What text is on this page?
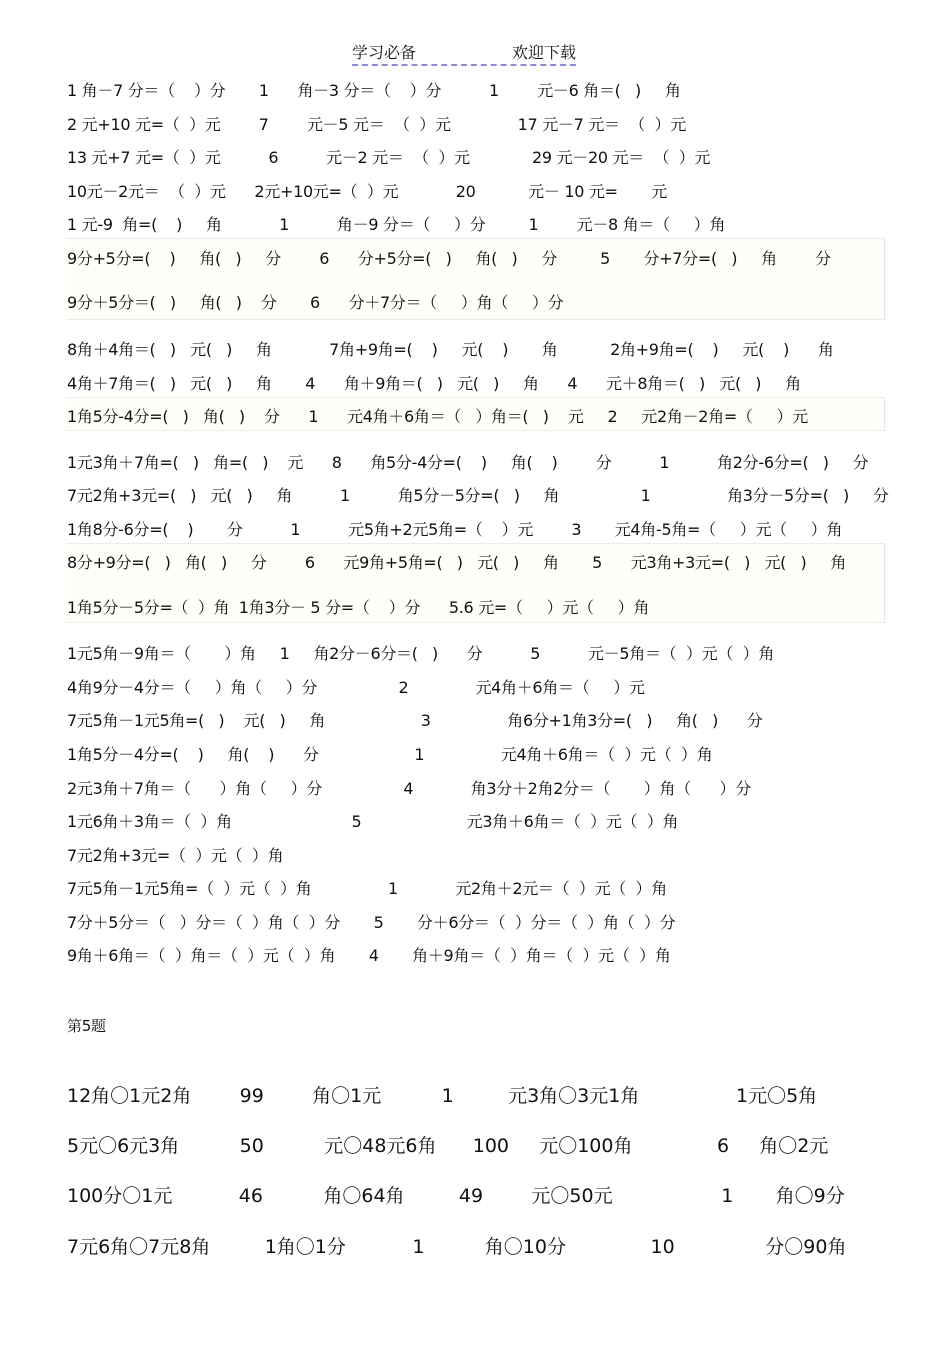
学习必备	欢迎下载
1 角－7 分＝（    ）分       1      角－3 分＝（    ）分          1        元－6 角＝(   )     角
2 元+10 元=（  ）元        7        元－5 元＝  （  ）元              17 元－7 元＝  （  ）元
13 元+7 元=（  ）元          6          元－2 元＝  （  ）元             29 元－20 元＝  （  ）元
10元－2元＝  （  ）元      2元+10元=（  ）元            20           元－ 10 元=       元
1 元-9  角=(    )     角            1          角－9 分＝（     ）分         1        元－8 角＝（     ）角
9分+5分=(    )     角(   )     分        6      分+5分=(   )     角(   )     分         5       分+7分=(   )     角        分
9分＋5分＝(   )     角(   )    分       6      分＋7分＝（     ）角（     ）分
8角＋4角＝(   )   元(   )     角            7角+9角=(    )     元(    )       角           2角+9角=(    )     元(    )      角
4角＋7角＝(   )   元(   )     角       4      角＋9角＝(   )   元(   )     角      4      元＋8角＝(   )   元(   )     角
1角5分-4分=(   )   角(   )    分      1      元4角＋6角＝（   ）角＝(   )    元     2     元2角－2角=（     ）元
1元3角＋7角=(   )   角=(   )    元      8      角5分-4分=(    )     角(    )        分          1          角2分-6分=(   )     分
7元2角+3元=(   )   元(   )     角          1          角5分－5分=(   )     角                 1                角3分－5分=(   )     分
1角8分-6分=(    )       分          1          元5角+2元5角=（    ）元        3       元4角-5角=（     ）元（     ）角
8分+9分=(   )   角(   )     分        6      元9角+5角=(   )   元(   )     角       5      元3角+3元=(   )   元(   )     角
1角5分－5分=（  ）角  1角3分－ 5 分=（    ）分      5.6 元=（     ）元（     ）角
1元5角－9角＝（       ）角     1     角2分－6分＝(   )      分          5          元－5角＝（  ）元（  ）角
4角9分－4分＝（     ）角（     ）分                 2              元4角＋6角＝（     ）元
7元5角－1元5角=(   )    元(   )     角                    3                角6分+1角3分=(   )     角(   )      分
1角5分－4分=(    )     角(    )      分                    1                元4角＋6角＝（  ）元（  ）角
2元3角＋7角＝（      ）角（     ）分                 4            角3分＋2角2分＝（       ）角（      ）分
1元6角＋3角＝（  ）角                         5                      元3角＋6角＝（  ）元（  ）角
7元2角+3元=（  ）元（  ）角
7元5角－1元5角=（  ）元（  ）角                1            元2角＋2元＝（  ）元（  ）角
7分＋5分＝（   ）分＝（  ）角（  ）分       5       分＋6分＝（  ）分＝（  ）角（  ）分
9角＋6角＝（  ）角＝（  ）元（  ）角       4       角＋9角＝（  ）角＝（  ）元（  ）角
第5题
12角〇1元2角        99        角〇1元          1         元3角〇3元1角                1元〇5角
5元〇6元3角          50          元〇48元6角      100     元〇100角              6     角〇2元
100分〇1元           46          角〇64角         49        元〇50元                  1       角〇9分
7元6角〇7元8角         1角〇1分           1          角〇10分              10               分〇90角
